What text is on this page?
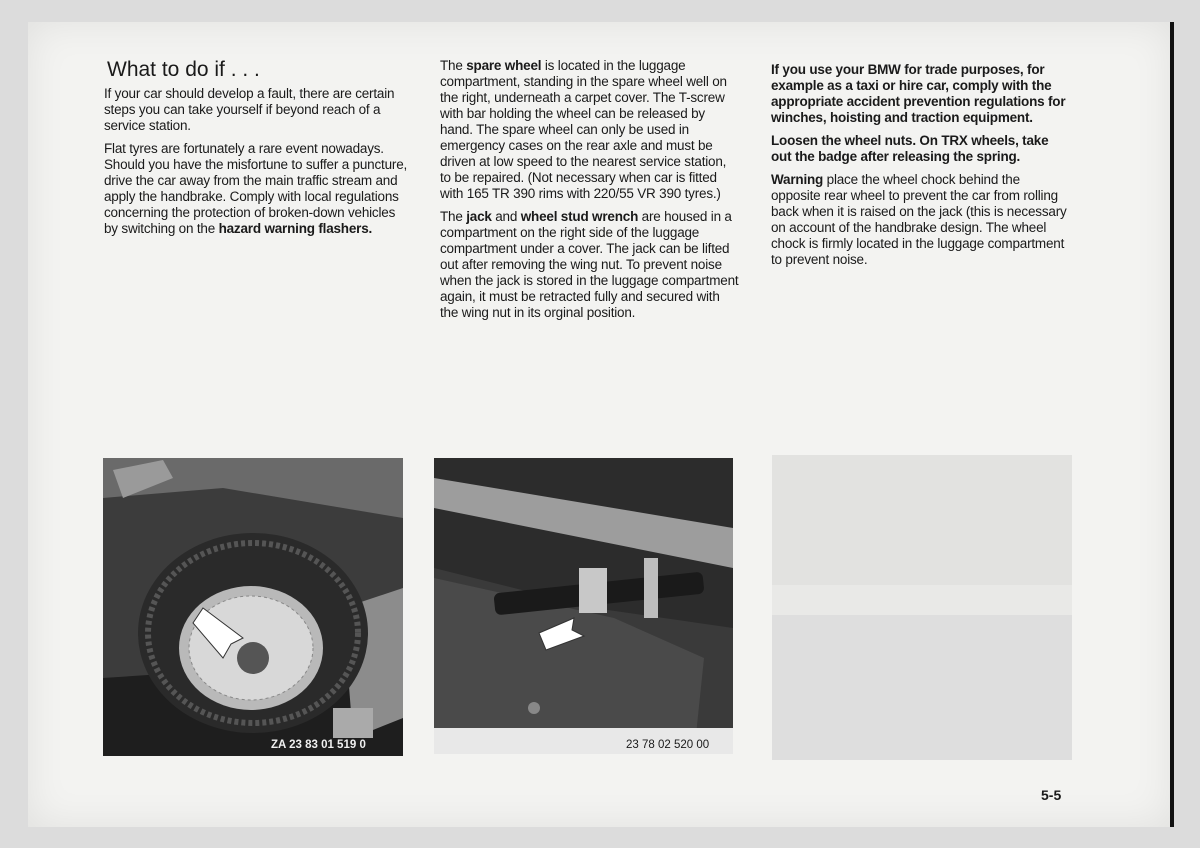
What to do if . . .

If your car should develop a fault, there are certain steps you can take yourself if beyond reach of a service station.

Flat tyres are fortunately a rare event nowadays. Should you have the misfortune to suffer a puncture, drive the car away from the main traffic stream and apply the handbrake. Comply with local regulations concerning the protection of broken-down vehicles by switching on the hazard warning flashers.

The spare wheel is located in the luggage compartment, standing in the spare wheel well on the right, underneath a carpet cover. The T-screw with bar holding the wheel can be released by hand. The spare wheel can only be used in emergency cases on the rear axle and must be driven at low speed to the nearest service station, to be repaired. (Not necessary when car is fitted with 165 TR 390 rims with 220/55 VR 390 tyres.)

The jack and wheel stud wrench are housed in a compartment on the right side of the luggage compartment under a cover. The jack can be lifted out after removing the wing nut. To prevent noise when the jack is stored in the luggage compartment again, it must be retracted fully and secured with the wing nut in its orginal position.

If you use your BMW for trade purposes, for example as a taxi or hire car, comply with the appropriate accident prevention regulations for winches, hoisting and traction equipment.

Loosen the wheel nuts. On TRX wheels, take out the badge after releasing the spring.

Warning place the wheel chock behind the opposite rear wheel to prevent the car from rolling back when it is raised on the jack (this is necessary on account of the handbrake design. The wheel chock is firmly located in the luggage compartment to prevent noise.

ZA 23 83 01 519 0	23 78 02 520 00
5-5
